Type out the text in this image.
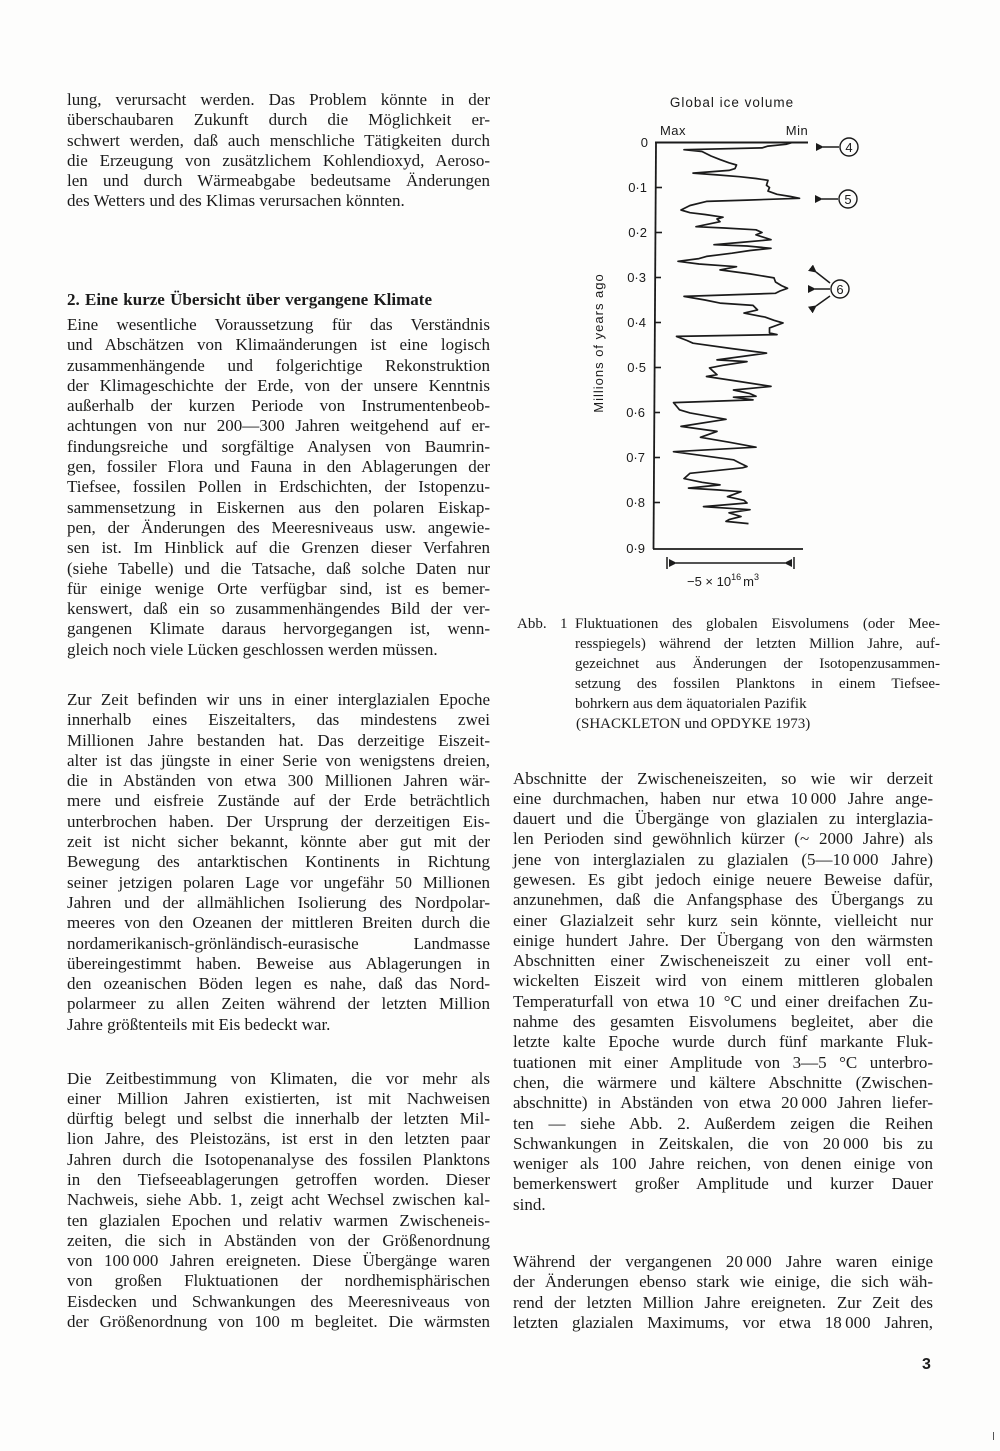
lung, verursacht werden. Das Problem könnte in der
überschaubaren Zukunft durch die Möglichkeit er-
schwert werden, daß auch menschliche Tätigkeiten durch
die Erzeugung von zusätzlichem Kohlendioxyd, Aeroso-
len und durch Wärmeabgabe bedeutsame Änderungen
des Wetters und des Klimas verursachen könnten.
2. Eine kurze Übersicht über vergangene Klimate
Eine wesentliche Voraussetzung für das Verständnis
und Abschätzen von Klimaänderungen ist eine logisch
zusammenhängende und folgerichtige Rekonstruktion
der Klimageschichte der Erde, von der unsere Kenntnis
außerhalb der kurzen Periode von Instrumentenbeob-
achtungen von nur 200—300 Jahren weitgehend auf er-
findungsreiche und sorgfältige Analysen von Baumrin-
gen, fossiler Flora und Fauna in den Ablagerungen der
Tiefsee, fossilen Pollen in Erdschichten, der Istopenzu-
sammensetzung in Eiskernen aus den polaren Eiskap-
pen, der Änderungen des Meeresniveaus usw. angewie-
sen ist. Im Hinblick auf die Grenzen dieser Verfahren
(siehe Tabelle) und die Tatsache, daß solche Daten nur
für einige wenige Orte verfügbar sind, ist es bemer-
kenswert, daß ein so zusammenhängendes Bild der ver-
gangenen Klimate daraus hervorgegangen ist, wenn-
gleich noch viele Lücken geschlossen werden müssen.
Zur Zeit befinden wir uns in einer interglazialen Epoche
innerhalb eines Eiszeitalters, das mindestens zwei
Millionen Jahre bestanden hat. Das derzeitige Eiszeit-
alter ist das jüngste in einer Serie von wenigstens dreien,
die in Abständen von etwa 300 Millionen Jahren wär-
mere und eisfreie Zustände auf der Erde beträchtlich
unterbrochen haben. Der Ursprung der derzeitigen Eis-
zeit ist nicht sicher bekannt, könnte aber gut mit der
Bewegung des antarktischen Kontinents in Richtung
seiner jetzigen polaren Lage vor ungefähr 50 Millionen
Jahren und der allmählichen Isolierung des Nordpolar-
meeres von den Ozeanen der mittleren Breiten durch die
nordamerikanisch-grönländisch-eurasische Landmasse
übereingestimmt haben. Beweise aus Ablagerungen in
den ozeanischen Böden legen es nahe, daß das Nord-
polarmeer zu allen Zeiten während der letzten Million
Jahre größtenteils mit Eis bedeckt war.
Die Zeitbestimmung von Klimaten, die vor mehr als
einer Million Jahren existierten, ist mit Nachweisen
dürftig belegt und selbst die innerhalb der letzten Mil-
lion Jahre, des Pleistozäns, ist erst in den letzten paar
Jahren durch die Isotopenanalyse des fossilen Planktons
in den Tiefseeablagerungen getroffen worden. Dieser
Nachweis, siehe Abb. 1, zeigt acht Wechsel zwischen kal-
ten glazialen Epochen und relativ warmen Zwischeneis-
zeiten, die sich in Abständen von der Größenordnung
von 100 000 Jahren ereigneten. Diese Übergänge waren
von großen Fluktuationen der nordhemisphärischen
Eisdecken und Schwankungen des Meeresniveaus von
der Größenordnung von 100 m begleitet. Die wärmsten
Global ice volume
Max	Min
0
0·1
0·2
0·3
0·4
0·5
0·6
0·7
0·8
0·9
Millions of years ago
$-5 \times 10^{16}$ $m^3$
4
5
6
Abb. 1 Fluktuationen des globalen Eisvolumens (oder Mee-
resspiegels) während der letzten Million Jahre, auf-
gezeichnet aus Änderungen der Isotopenzusammen-
setzung des fossilen Planktons in einem Tiefsee-
bohrkern aus dem äquatorialen Pazifik
(SHACKLETON und OPDYKE 1973)
Abschnitte der Zwischeneiszeiten, so wie wir derzeit
eine durchmachen, haben nur etwa 10 000 Jahre ange-
dauert und die Übergänge von glazialen zu interglazia-
len Perioden sind gewöhnlich kürzer (~ 2000 Jahre) als
jene von interglazialen zu glazialen (5—10 000 Jahre)
gewesen. Es gibt jedoch einige neuere Beweise dafür,
anzunehmen, daß die Anfangsphase des Übergangs zu
einer Glazialzeit sehr kurz sein könnte, vielleicht nur
einige hundert Jahre. Der Übergang von den wärmsten
Abschnitten einer Zwischeneiszeit zu einer voll ent-
wickelten Eiszeit wird von einem mittleren globalen
Temperaturfall von etwa 10 °C und einer dreifachen Zu-
nahme des gesamten Eisvolumens begleitet, aber die
letzte kalte Epoche wurde durch fünf markante Fluk-
tuationen mit einer Amplitude von 3—5 °C unterbro-
chen, die wärmere und kältere Abschnitte (Zwischen-
abschnitte) in Abständen von etwa 20 000 Jahren liefer-
ten — siehe Abb. 2. Außerdem zeigen die Reihen
Schwankungen in Zeitskalen, die von 20 000 bis zu
weniger als 100 Jahre reichen, von denen einige von
bemerkenswert großer Amplitude und kurzer Dauer
sind.
Während der vergangenen 20 000 Jahre waren einige
der Änderungen ebenso stark wie einige, die sich wäh-
rend der letzten Million Jahre ereigneten. Zur Zeit des
letzten glazialen Maximums, vor etwa 18 000 Jahren,
3
